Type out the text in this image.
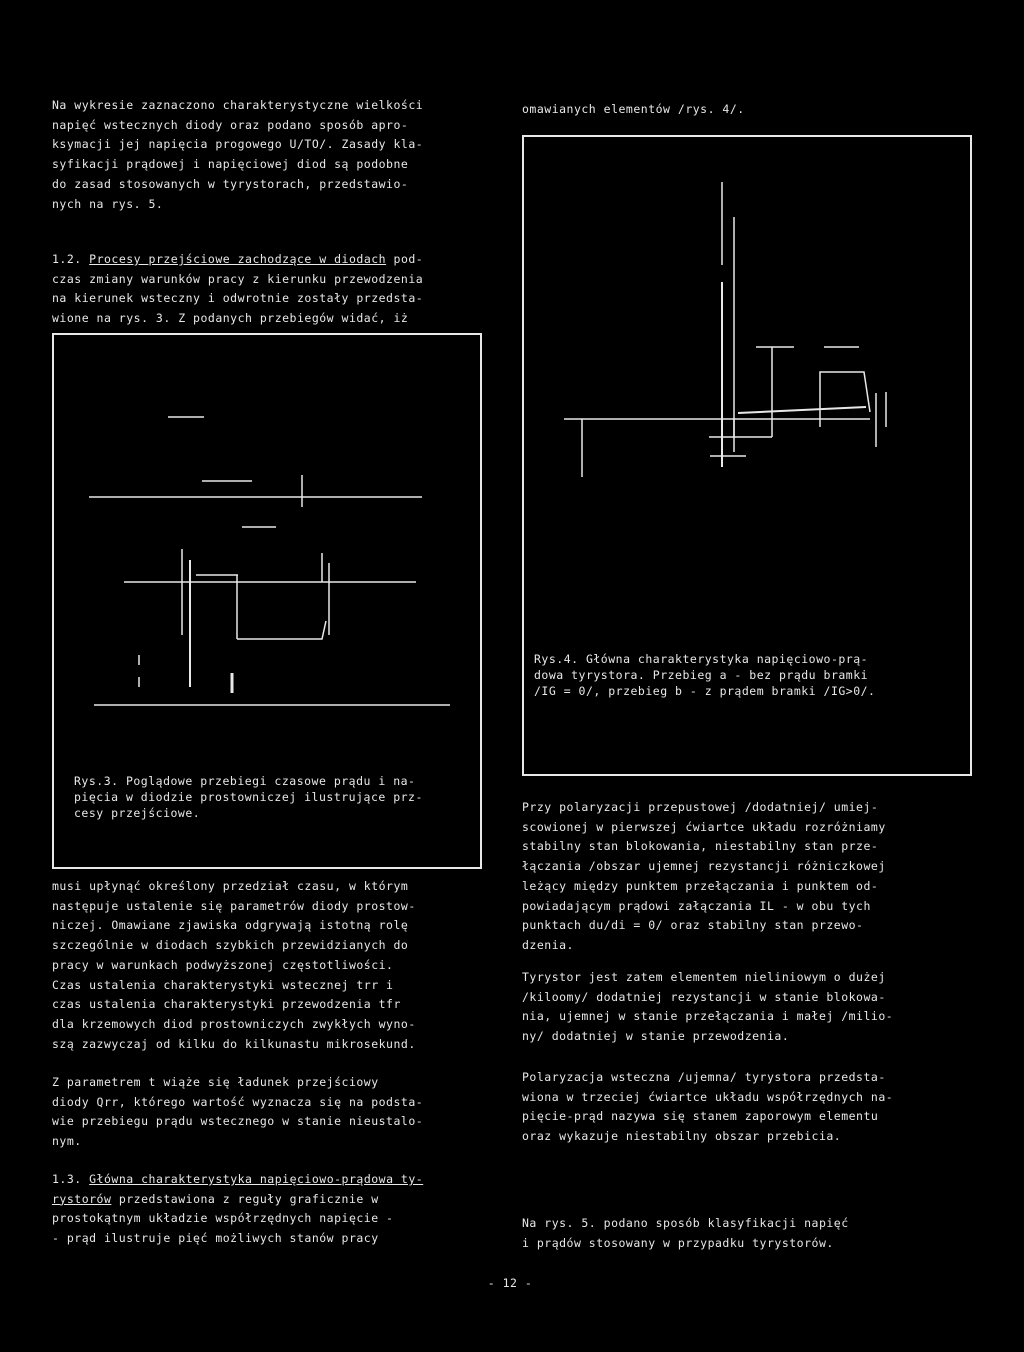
Na wykresie zaznaczono charakterystyczne wielkości
napięć wstecznych diody oraz podano sposób apro-
ksymacji jej napięcia progowego U/TO/. Zasady kla-
syfikacji prądowej i napięciowej diod są podobne
do zasad stosowanych w tyrystorach, przedstawio-
nych na rys. 5.
1.2. Procesy przejściowe zachodzące w diodach pod-
czas zmiany warunków pracy z kierunku przewodzenia
na kierunek wsteczny i odwrotnie zostały przedsta-
wione na rys. 3. Z podanych przebiegów widać, iż
Rys.3. Poglądowe przebiegi czasowe prądu i na-
pięcia w diodzie prostowniczej ilustrujące prz-
cesy przejściowe.
musi upłynąć określony przedział czasu, w którym
następuje ustalenie się parametrów diody prostow-
niczej. Omawiane zjawiska odgrywają istotną rolę
szczególnie w diodach szybkich przewidzianych do
pracy w warunkach podwyższonej częstotliwości.
Czas ustalenia charakterystyki wstecznej trr i
czas ustalenia charakterystyki przewodzenia tfr
dla krzemowych diod prostowniczych zwykłych wyno-
szą zazwyczaj od kilku do kilkunastu mikrosekund.
Z parametrem t wiąże się ładunek przejściowy
diody Qrr, którego wartość wyznacza się na podsta-
wie przebiegu prądu wstecznego w stanie nieustalo-
nym.
1.3. Główna charakterystyka napięciowo-prądowa ty-
rystorów przedstawiona z reguły graficznie w
prostokątnym układzie współrzędnych napięcie -
- prąd ilustruje pięć możliwych stanów pracy
omawianych elementów /rys. 4/.
Rys.4. Główna charakterystyka napięciowo-prą-
dowa tyrystora. Przebieg a - bez prądu bramki
/IG = 0/, przebieg b - z prądem bramki /IG>0/.
Przy polaryzacji przepustowej /dodatniej/ umiej-
scowionej w pierwszej ćwiartce układu rozróżniamy
stabilny stan blokowania, niestabilny stan prze-
łączania /obszar ujemnej rezystancji różniczkowej
leżący między punktem przełączania i punktem od-
powiadającym prądowi załączania IL - w obu tych
punktach du/di = 0/ oraz stabilny stan przewo-
dzenia.
Tyrystor jest zatem elementem nieliniowym o dużej
/kiloomy/ dodatniej rezystancji w stanie blokowa-
nia, ujemnej w stanie przełączania i małej /milio-
ny/ dodatniej w stanie przewodzenia.
Polaryzacja wsteczna /ujemna/ tyrystora przedsta-
wiona w trzeciej ćwiartce układu współrzędnych na-
pięcie-prąd nazywa się stanem zaporowym elementu
oraz wykazuje niestabilny obszar przebicia.
Na rys. 5. podano sposób klasyfikacji napięć
i prądów stosowany w przypadku tyrystorów.
- 12 -
